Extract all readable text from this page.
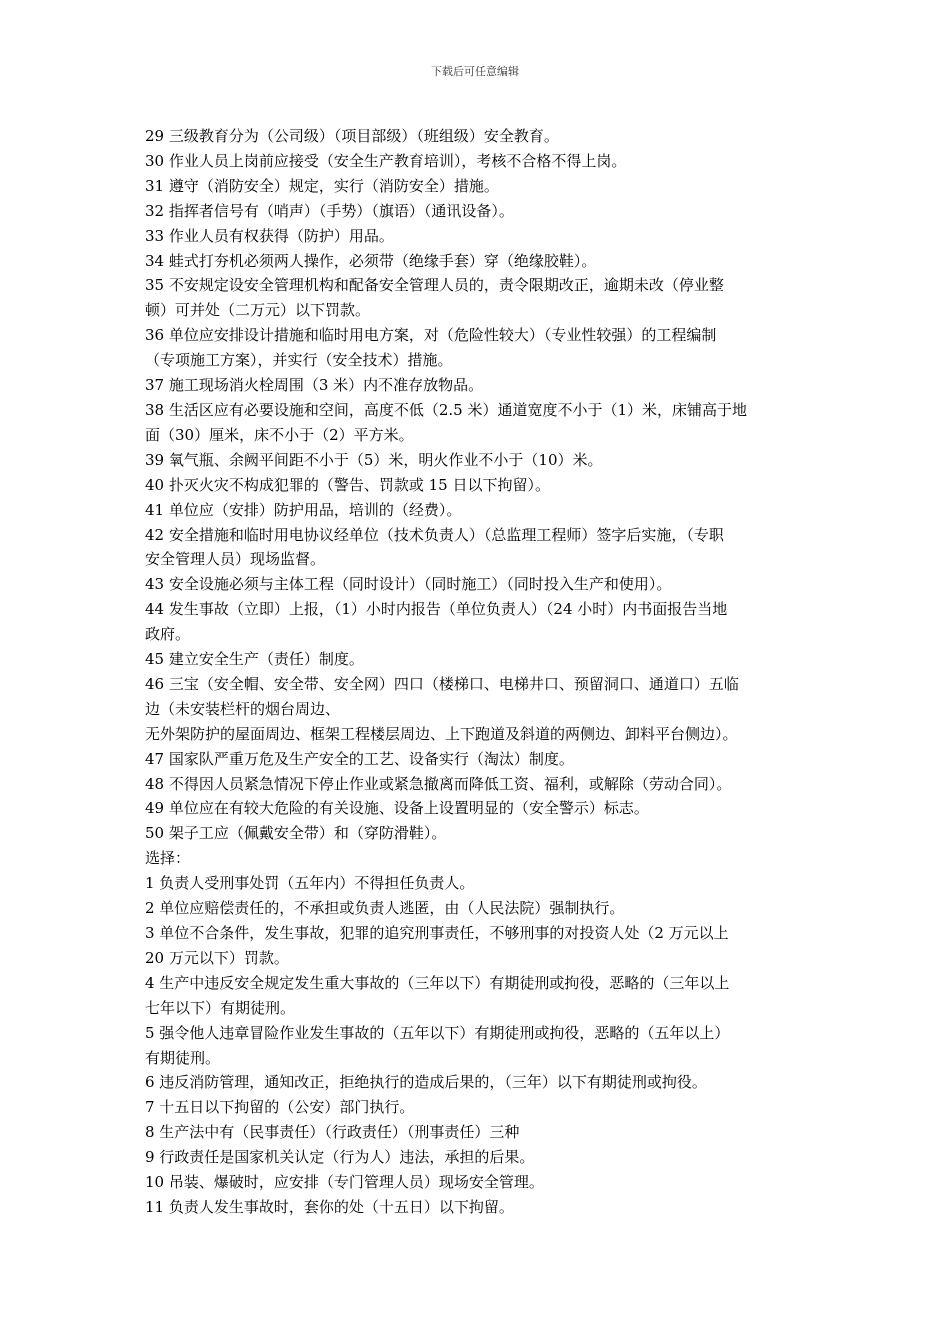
下载后可任意编辑
29 三级教育分为（公司级）（项目部级）（班组级）安全教育。
30 作业人员上岗前应接受（安全生产教育培训），考核不合格不得上岗。
31 遵守（消防安全）规定，实行（消防安全）措施。
32 指挥者信号有（哨声）（手势）（旗语）（通讯设备）。
33 作业人员有权获得（防护）用品。
34 蛙式打夯机必须两人操作，必须带（绝缘手套）穿（绝缘胶鞋）。
35 不安规定设安全管理机构和配备安全管理人员的，责令限期改正，逾期未改（停业整
顿）可并处（二万元）以下罚款。
36 单位应安排设计措施和临时用电方案，对（危险性较大）（专业性较强）的工程编制
（专项施工方案），并实行（安全技术）措施。
37 施工现场消火栓周围（3 米）内不准存放物品。
38 生活区应有必要设施和空间，高度不低（2.5 米）通道宽度不小于（1）米，床铺高于地
面（30）厘米，床不小于（2）平方米。
39 氧气瓶、余阙平间距不小于（5）米，明火作业不小于（10）米。
40 扑灭火灾不构成犯罪的（警告、罚款或 15 日以下拘留）。
41 单位应（安排）防护用品，培训的（经费）。
42 安全措施和临时用电协议经单位（技术负责人）（总监理工程师）签字后实施，（专职
安全管理人员）现场监督。
43 安全设施必须与主体工程（同时设计）（同时施工）（同时投入生产和使用）。
44 发生事故（立即）上报，（1）小时内报告（单位负责人）（24 小时）内书面报告当地
政府。
45 建立安全生产（责任）制度。
46 三宝（安全帽、安全带、安全网）四口（楼梯口、电梯井口、预留洞口、通道口）五临
边（未安装栏杆的烟台周边、
无外架防护的屋面周边、框架工程楼层周边、上下跑道及斜道的两侧边、卸料平台侧边）。
47 国家队严重万危及生产安全的工艺、设备实行（淘汰）制度。
48 不得因人员紧急情况下停止作业或紧急撤离而降低工资、福利，或解除（劳动合同）。
49 单位应在有较大危险的有关设施、设备上设置明显的（安全警示）标志。
50 架子工应（佩戴安全带）和（穿防滑鞋）。
选择：
1 负责人受刑事处罚（五年内）不得担任负责人。
2 单位应赔偿责任的，不承担或负责人逃匿，由（人民法院）强制执行。
3 单位不合条件，发生事故，犯罪的追究刑事责任，不够刑事的对投资人处（2 万元以上
20 万元以下）罚款。
4 生产中违反安全规定发生重大事故的（三年以下）有期徒刑或拘役，恶略的（三年以上
七年以下）有期徒刑。
5 强令他人违章冒险作业发生事故的（五年以下）有期徒刑或拘役，恶略的（五年以上）
有期徒刑。
6 违反消防管理，通知改正，拒绝执行的造成后果的，（三年）以下有期徒刑或拘役。
7 十五日以下拘留的（公安）部门执行。
8 生产法中有（民事责任）（行政责任）（刑事责任）三种
9 行政责任是国家机关认定（行为人）违法，承担的后果。
10 吊装、爆破时，应安排（专门管理人员）现场安全管理。
11 负责人发生事故时，套你的处（十五日）以下拘留。
